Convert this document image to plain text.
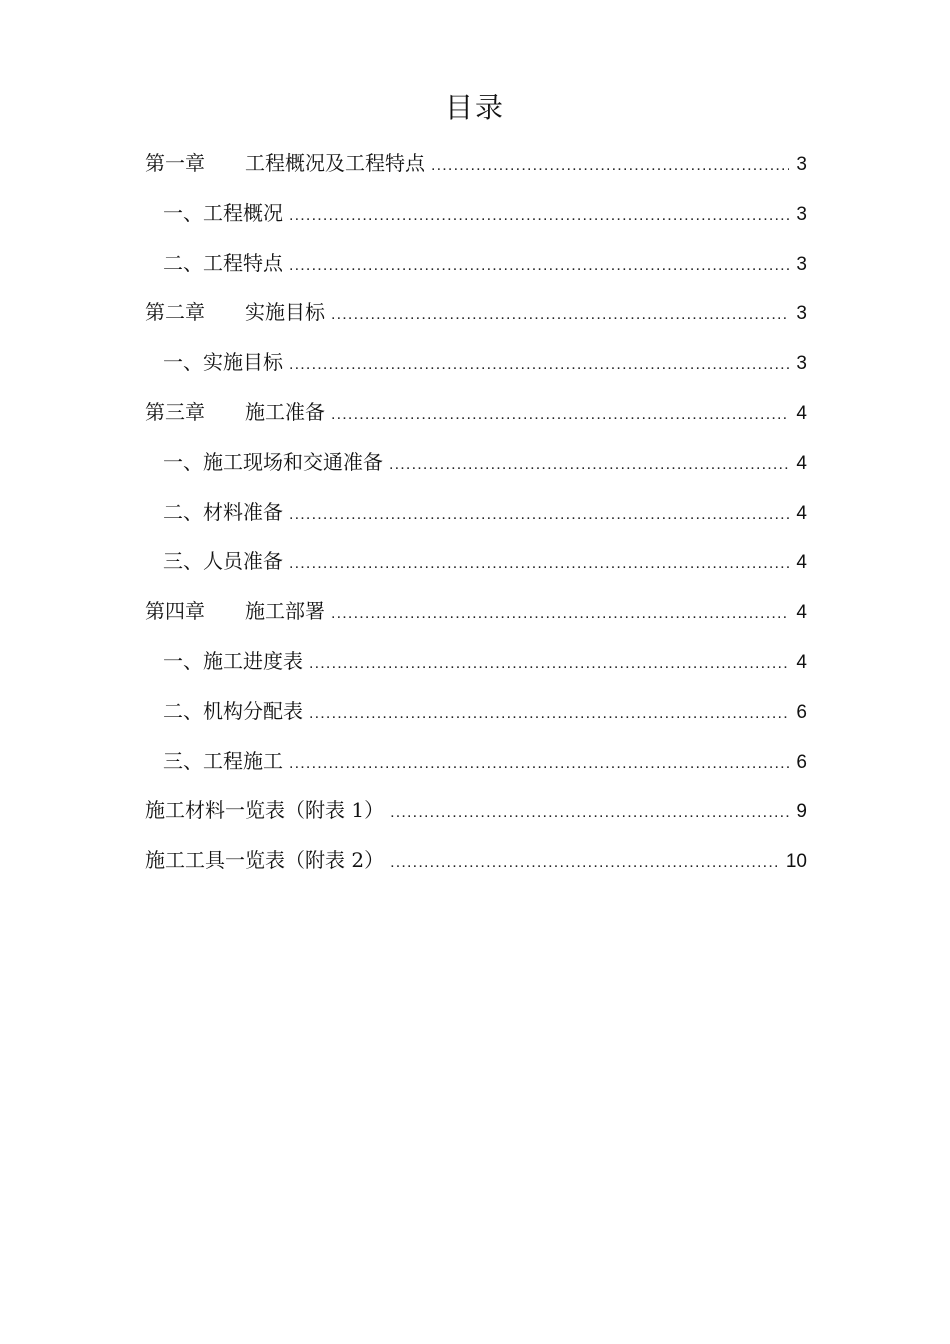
目录
第一章	工程概况及工程特点 .....	3
一、 工程概况 .....	3
二、 工程特点 .....	3
第二章	实施目标 .....	3
一、 实施目标 .....	3
第三章	施工准备 .....	4
一、 施工现场和交通准备 .....	4
二、 材料准备 .....	4
三、 人员准备 .....	4
第四章	施工部署 .....	4
一、 施工进度表 .....	4
二、 机构分配表 .....	6
三、 工程施工 .....	6
施工材料一览表（附表 1） .....	9
施工工具一览表（附表 2） .....	10
